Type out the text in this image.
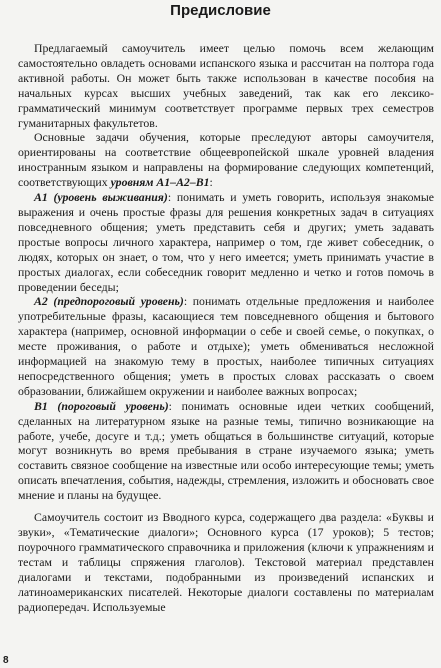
Предисловие

Предлагаемый самоучитель имеет целью помочь всем желающим самостоятельно овладеть основами испанского языка и рассчитан на полтора года активной работы. Он может быть также использован в качестве пособия на начальных курсах высших учебных заведений, так как его лексико-грамматический минимум соответствует программе первых трех семестров гуманитарных факультетов.

Основные задачи обучения, которые преследуют авторы самоучителя, ориентированы на соответствие общеевропейской шкале уровней владения иностранным языком и направлены на формирование следующих компетенций, соответствующих уровням А1–А2–В1:

А1 (уровень выживания): понимать и уметь говорить, используя знакомые выражения и очень простые фразы для решения конкретных задач в ситуациях повседневного общения; уметь представить себя и других; уметь задавать простые вопросы личного характера, например о том, где живет собеседник, о людях, которых он знает, о том, что у него имеется; уметь принимать участие в простых диалогах, если собеседник говорит медленно и четко и готов помочь в проведении беседы;

А2 (предпороговый уровень): понимать отдельные предложения и наиболее употребительные фразы, касающиеся тем повседневного общения и бытового характера (например, основной информации о себе и своей семье, о покупках, о месте проживания, о работе и отдыхе); уметь обмениваться несложной информацией на знакомую тему в простых, наиболее типичных ситуациях непосредственного общения; уметь в простых словах рассказать о своем образовании, ближайшем окружении и наиболее важных вопросах;

В1 (пороговый уровень): понимать основные идеи четких сообщений, сделанных на литературном языке на разные темы, типично возникающие на работе, учебе, досуге и т.д.; уметь общаться в большинстве ситуаций, которые могут возникнуть во время пребывания в стране изучаемого языка; уметь составить связное сообщение на известные или особо интересующие темы; уметь описать впечатления, события, надежды, стремления, изложить и обосновать свое мнение и планы на будущее.

Самоучитель состоит из Вводного курса, содержащего два раздела: «Буквы и звуки», «Тематические диалоги»; Основного курса (17 уроков); 5 тестов; поурочного грамматического справочника и приложения (ключи к упражнениям и тестам и таблицы спряжения глаголов). Текстовой материал представлен диалогами и текстами, подобранными из произведений испанских и латиноамериканских писателей. Некоторые диалоги составлены по материалам радиопередач. Используемые

8
